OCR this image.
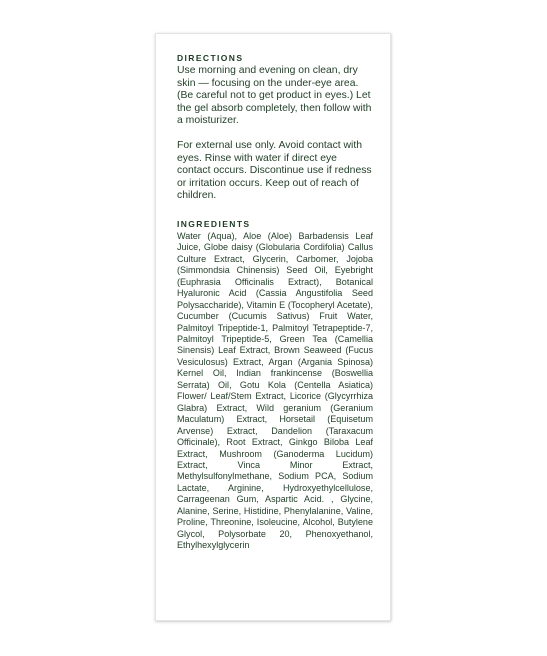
DIRECTIONS

Use morning and evening on clean, dry skin — focusing on the under-eye area. (Be careful not to get product in eyes.) Let the gel absorb completely, then follow with a moisturizer.

For external use only. Avoid contact with eyes. Rinse with water if direct eye contact occurs. Discontinue use if redness or irritation occurs. Keep out of reach of children.

INGREDIENTS

Water (Aqua), Aloe (Aloe) Barbadensis Leaf Juice, Globe daisy (Globularia Cordifolia) Callus Culture Extract, Glycerin, Carbomer, Jojoba (Simmondsia Chinensis) Seed Oil, Eyebright (Euphrasia Officinalis Extract), Botanical Hyaluronic Acid (Cassia Angustifolia Seed Polysaccharide), Vitamin E (Tocopheryl Acetate), Cucumber (Cucumis Sativus) Fruit Water, Palmitoyl Tripeptide-1, Palmitoyl Tetrapeptide-7, Palmitoyl Tripeptide-5, Green Tea (Camellia Sinensis) Leaf Extract, Brown Seaweed (Fucus Vesiculosus) Extract, Argan (Argania Spinosa) Kernel Oil, Indian frankincense (Boswellia Serrata) Oil, Gotu Kola (Centella Asiatica) Flower/ Leaf/Stem Extract, Licorice (Glycyrrhiza Glabra) Extract, Wild geranium (Geranium Maculatum) Extract, Horsetail (Equisetum Arvense) Extract, Dandelion (Taraxacum Officinale), Root Extract, Ginkgo Biloba Leaf Extract, Mushroom (Ganoderma Lucidum) Extract, Vinca Minor Extract, Methylsulfonylmethane, Sodium PCA, Sodium Lactate, Arginine, Hydroxyethylcellulose, Carrageenan Gum, Aspartic Acid. , Glycine, Alanine, Serine, Histidine, Phenylalanine, Valine, Proline, Threonine, Isoleucine, Alcohol, Butylene Glycol, Polysorbate 20, Phenoxyethanol, Ethylhexylglycerin
